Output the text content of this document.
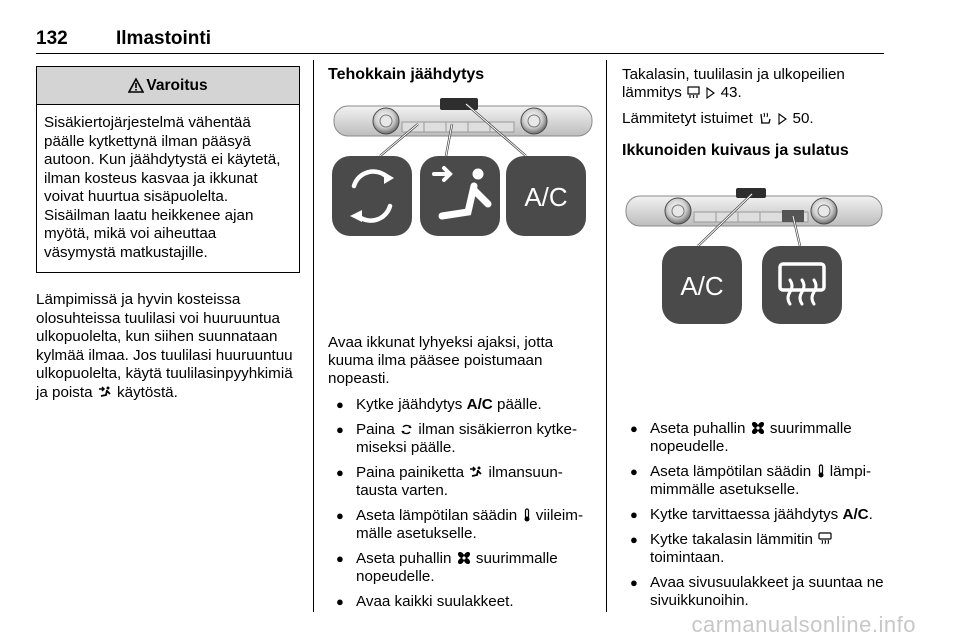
132	Ilmastointi
Varoitus
Sisäkiertojärjestelmä vähentää päälle kytkettynä ilman pääsyä autoon. Kun jäähdytystä ei käytetä, ilman kosteus kasvaa ja ikkunat voivat huurtua sisäpuolelta. Sisäilman laatu heikkenee ajan myötä, mikä voi aiheuttaa väsymystä matkustajille.
Lämpimissä ja hyvin kosteissa olosuhteissa tuulilasi voi huuruuntua ulkopuolelta, kun siihen suunnataan kylmää ilmaa. Jos tuulilasi huuruuntuu ulkopuolelta, käytä tuulilasinpyyhkimiä ja poista käytöstä.
Tehokkain jäähdytys
A/C
Avaa ikkunat lyhyeksi ajaksi, jotta kuuma ilma pääsee poistumaan nopeasti.
● Kytke jäähdytys A/C päälle.
● Paina ilman sisäkierron kytkemiseksi päälle.
● Paina painiketta ilmansuuntausta varten.
● Aseta lämpötilan säädin viileimmälle asetukselle.
● Aseta puhallin suurimmalle nopeudelle.
● Avaa kaikki suulakkeet.
Takalasin, tuulilasin ja ulkopeilien lämmitys	43.
Lämmitetyt istuimet	50.
Ikkunoiden kuivaus ja sulatus
A/C
● Aseta puhallin suurimmalle nopeudelle.
● Aseta lämpötilan säädin lämpimimmälle asetukselle.
● Kytke tarvittaessa jäähdytys A/C.
● Kytke takalasin lämmitin  toimintaan.
● Avaa sivusuulakkeet ja suuntaa ne sivuikkunoihin.
carmanualsonline.info
